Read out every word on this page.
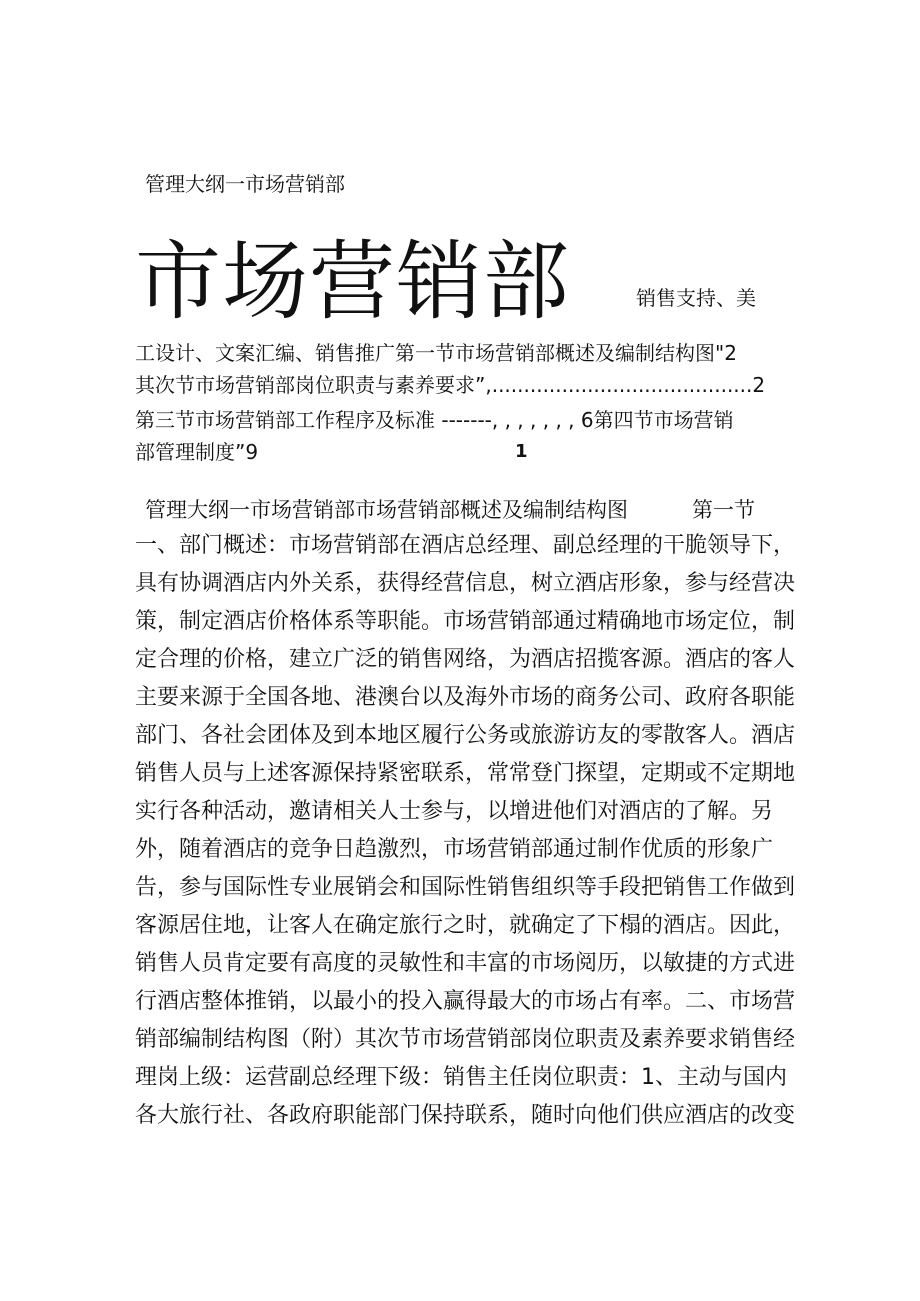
管理大纲一市场营销部
市场营销部	销售支持、美
工设计、文案汇编、销售推广第一节市场营销部概述及编制结构图"2
其次节市场营销部岗位职责与素养要求”,.........................................2
第三节市场营销部工作程序及标准 -------, , , , , , , 6第四节市场营销
部管理制度”9	1
管理大纲一市场营销部市场营销部概述及编制结构图	第一节
一、部门概述：市场营销部在酒店总经理、副总经理的干脆领导下，
具有协调酒店内外关系，获得经营信息，树立酒店形象，参与经营决
策，制定酒店价格体系等职能。市场营销部通过精确地市场定位，制
定合理的价格，建立广泛的销售网络，为酒店招揽客源。酒店的客人
主要来源于全国各地、港澳台以及海外市场的商务公司、政府各职能
部门、各社会团体及到本地区履行公务或旅游访友的零散客人。酒店
销售人员与上述客源保持紧密联系，常常登门探望，定期或不定期地
实行各种活动，邀请相关人士参与，以增进他们对酒店的了解。另
外，随着酒店的竞争日趋激烈，市场营销部通过制作优质的形象广
告，参与国际性专业展销会和国际性销售组织等手段把销售工作做到
客源居住地，让客人在确定旅行之时，就确定了下榻的酒店。因此，
销售人员肯定要有高度的灵敏性和丰富的市场阅历，以敏捷的方式进
行酒店整体推销，以最小的投入赢得最大的市场占有率。二、市场营
销部编制结构图（附）其次节市场营销部岗位职责及素养要求销售经
理岗上级：运营副总经理下级：销售主任岗位职责：1、主动与国内
各大旅行社、各政府职能部门保持联系，随时向他们供应酒店的改变
